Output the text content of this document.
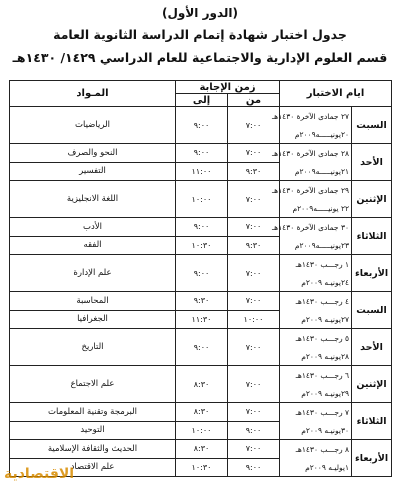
(الدور الأول)
جدول اختبار شهادة إتمام الدراسة الثانوية العامة
قسم العلوم الإدارية والاجتماعية للعام الدراسي ١٤٢٩/ ١٤٣٠هـ
ايام الاختبار		زمن الإجابة		المـواد
		من	إلى	
السبت	٢٧ جمادى الآخرة ١٤٣٠هـ	٧:٠٠	٩:٠٠	الرياضيات
	٢٠يونيـــــه٢٠٠٩م			
الأحد	٢٨ جمادى الآخرة ١٤٣٠هـ	٧:٠٠	٩:٠٠	النحو والصرف
	٢١يونيـــــه٢٠٠٩م	٩:٣٠	١١:٠٠	التفسير
الإثنين	٢٩ جمادى الآخرة ١٤٣٠هـ	٧:٠٠	١٠:٠٠	اللغة الانجليزية
	٢٢ يونيـــــه٢٠٠٩م			
الثلاثاء	٣٠ جمادى الآخرة ١٤٣٠هـ	٧:٠٠	٩:٠٠	الأدب
	٢٣يونيـــــه٢٠٠٩م	٩:٣٠	١٠:٣٠	الفقه
الأربعاء	١ رجـــب ١٤٣٠هـ	٧:٠٠	٩:٠٠	علم الإدارة
	٢٤يونيـه ٢٠٠٩م			
السبت	٤ رجـــب ١٤٣٠هـ	٧:٠٠	٩:٣٠	المحاسبة
	٢٧يونيـه ٢٠٠٩م	١٠:٠٠	١١:٣٠	الجغرافيا
الأحد	٥ رجـــب ١٤٣٠هـ	٧:٠٠	٩:٠٠	التاريخ
	٢٨يونيـه ٢٠٠٩م			
الإثنين	٦ رجـــب ١٤٣٠هـ	٧:٠٠	٨:٣٠	علم الاجتماع
	٢٩يونيـه ٢٠٠٩م			
الثلاثاء	٧ رجـــب ١٤٣٠هـ	٧:٠٠	٨:٣٠	البرمجة وتقنية المعلومات
	٣٠يونيـه ٢٠٠٩م	٩:٠٠	١٠:٠٠	التوحيد
الأربعاء	٨ رجـــب ١٤٣٠هـ	٧:٠٠	٨:٣٠	الحديث والثقافة الإسلامية
	١يوليـه ٢٠٠٩م	٩:٠٠	١٠:٣٠	علم الاقتصاد
الاقتصادية
